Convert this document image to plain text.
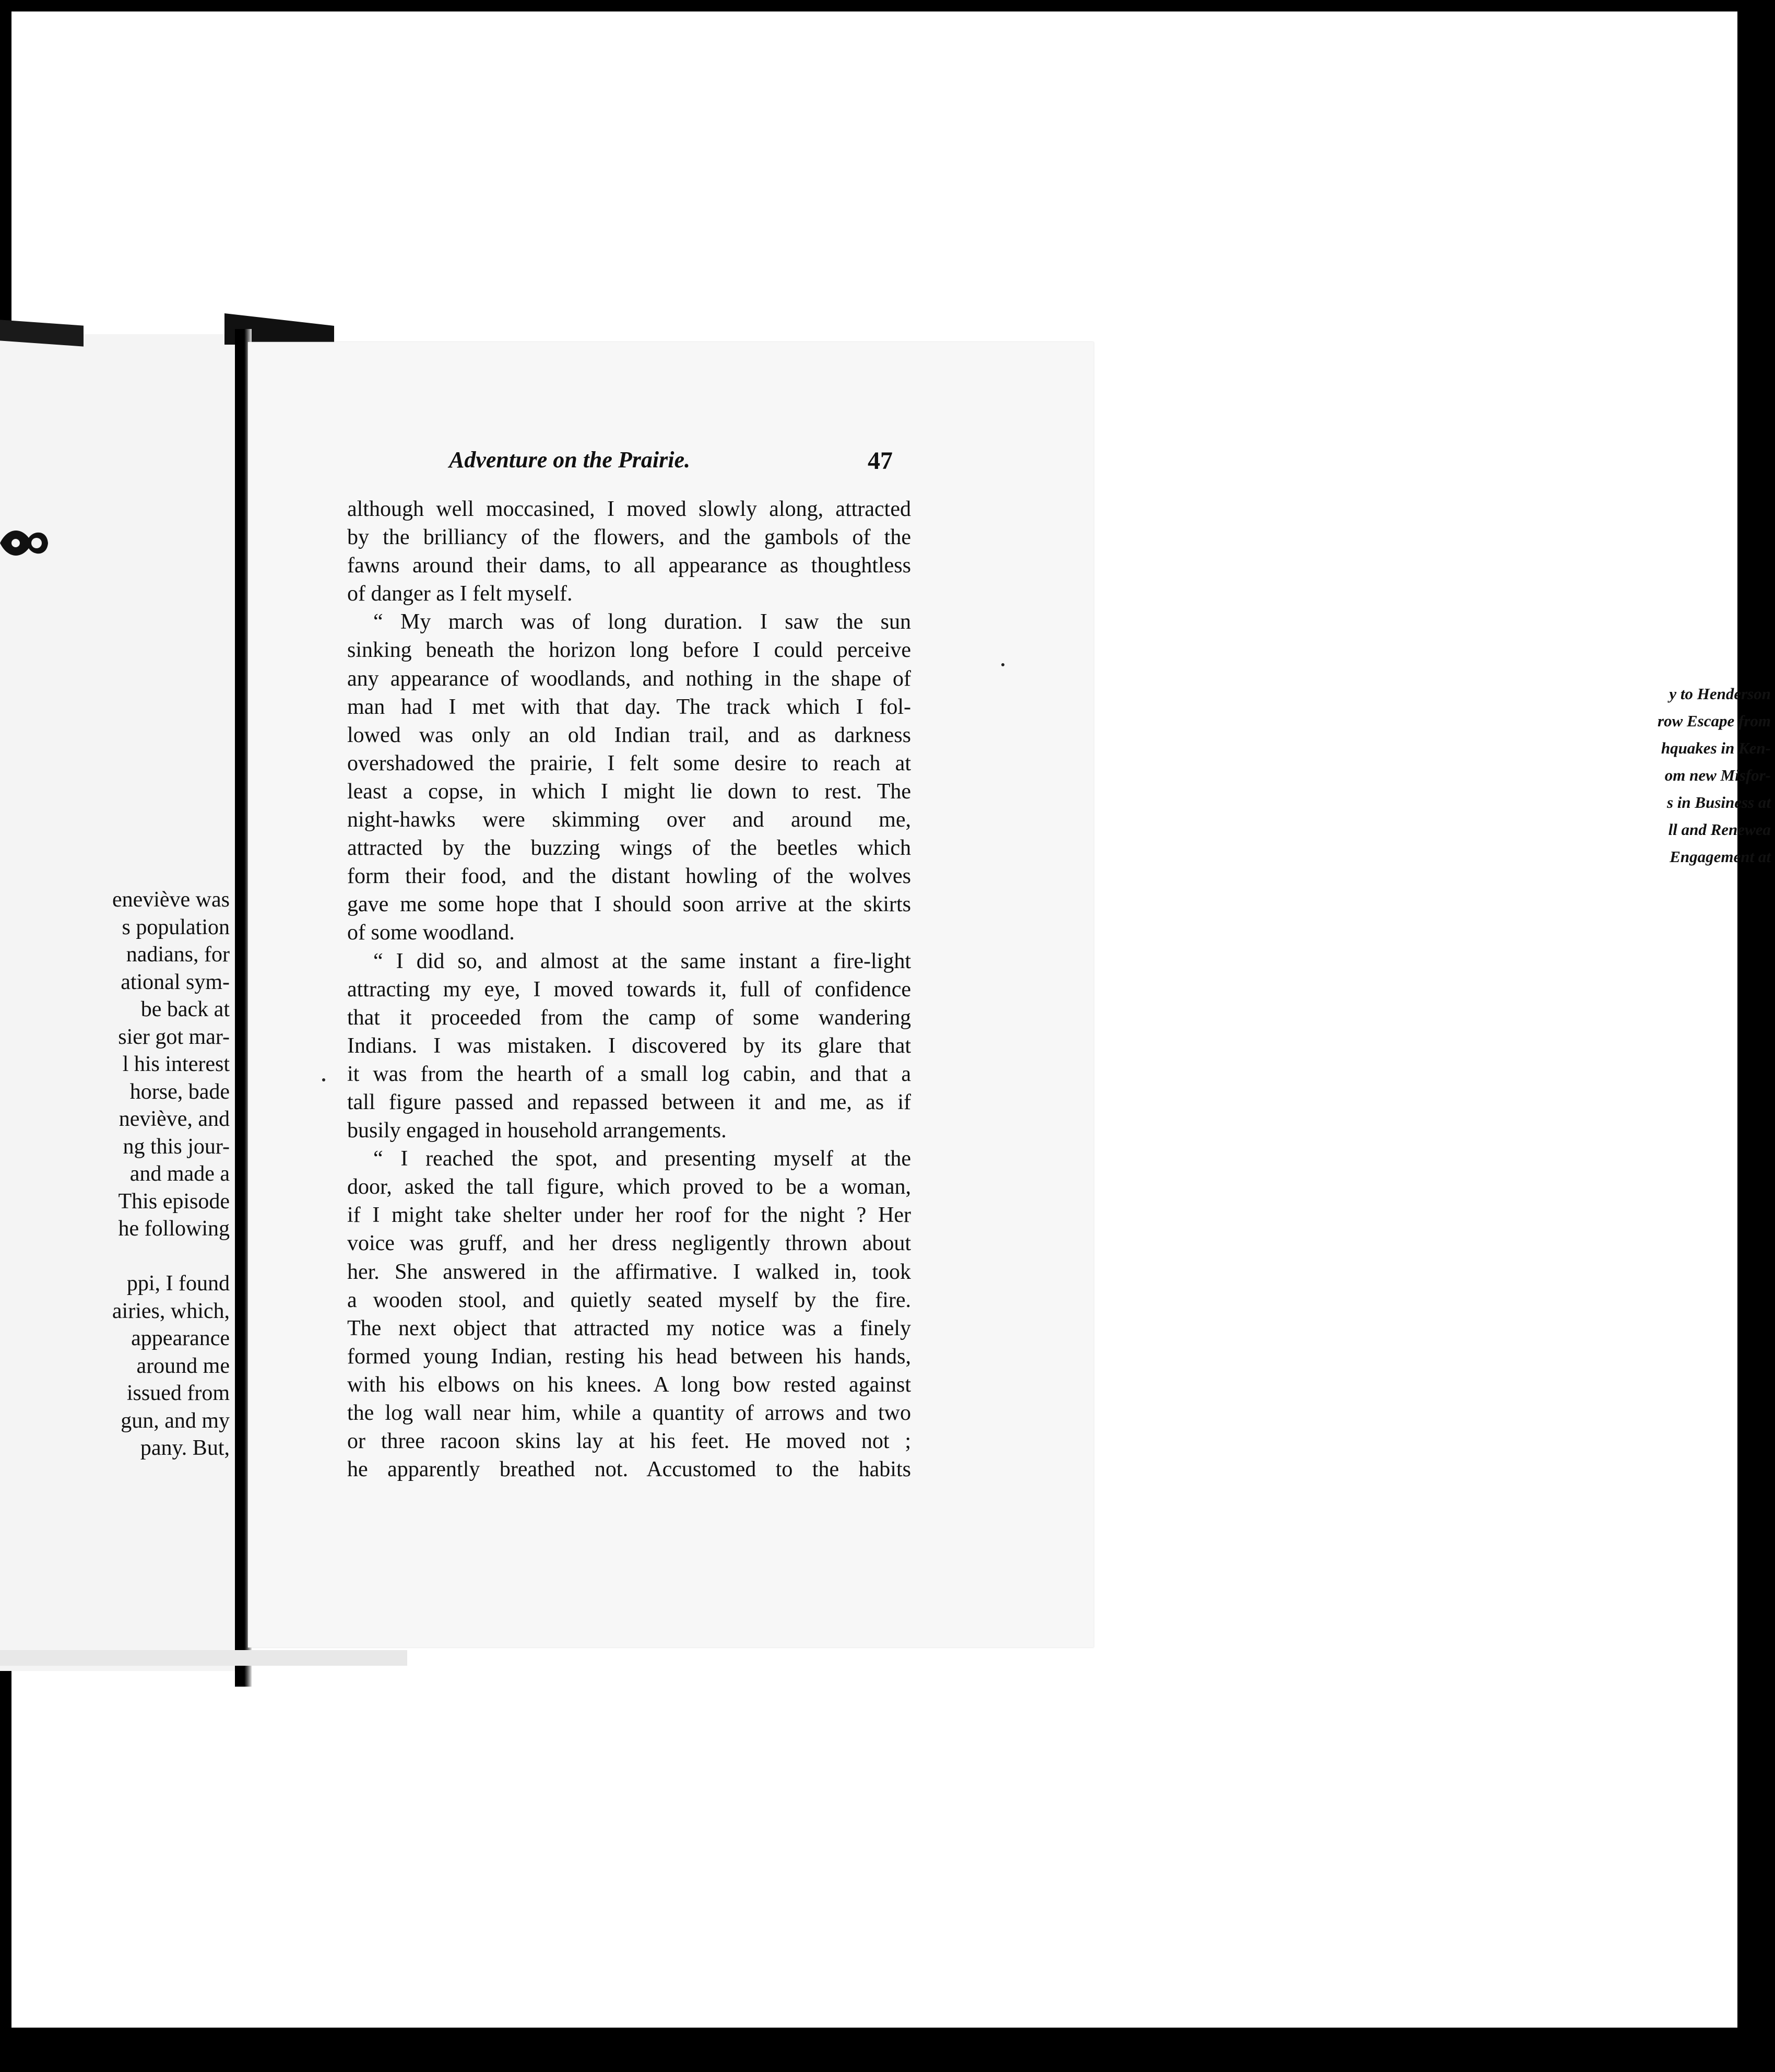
y to Henderson
row Escape from
hquakes in Ken-
om new Misfor-
s in Business at
ll and Renewea
Engagement at
eneviève was
s population
nadians, for
ational sym-
be back at
sier got mar-
l his interest
horse, bade
neviève, and
ng this jour-
and made a
This episode
he following

ppi, I found
airies, which,
appearance
around me
issued from
gun, and my
pany. But,
Adventure on the Prairie.	47
although well moccasined, I moved slowly along, attracted
by the brilliancy of the flowers, and the gambols of the
fawns around their dams, to all appearance as thoughtless
of danger as I felt myself.
“ My march was of long duration. I saw the sun
sinking beneath the horizon long before I could perceive
any appearance of woodlands, and nothing in the shape of
man had I met with that day. The track which I fol-
lowed was only an old Indian trail, and as darkness
overshadowed the prairie, I felt some desire to reach at
least a copse, in which I might lie down to rest. The
night-hawks were skimming over and around me,
attracted by the buzzing wings of the beetles which
form their food, and the distant howling of the wolves
gave me some hope that I should soon arrive at the skirts
of some woodland.
“ I did so, and almost at the same instant a fire-light
attracting my eye, I moved towards it, full of confidence
that it proceeded from the camp of some wandering
Indians. I was mistaken. I discovered by its glare that
it was from the hearth of a small log cabin, and that a
tall figure passed and repassed between it and me, as if
busily engaged in household arrangements.
“ I reached the spot, and presenting myself at the
door, asked the tall figure, which proved to be a woman,
if I might take shelter under her roof for the night ? Her
voice was gruff, and her dress negligently thrown about
her. She answered in the affirmative. I walked in, took
a wooden stool, and quietly seated myself by the fire.
The next object that attracted my notice was a finely
formed young Indian, resting his head between his hands,
with his elbows on his knees. A long bow rested against
the log wall near him, while a quantity of arrows and two
or three racoon skins lay at his feet. He moved not ;
he apparently breathed not. Accustomed to the habits
